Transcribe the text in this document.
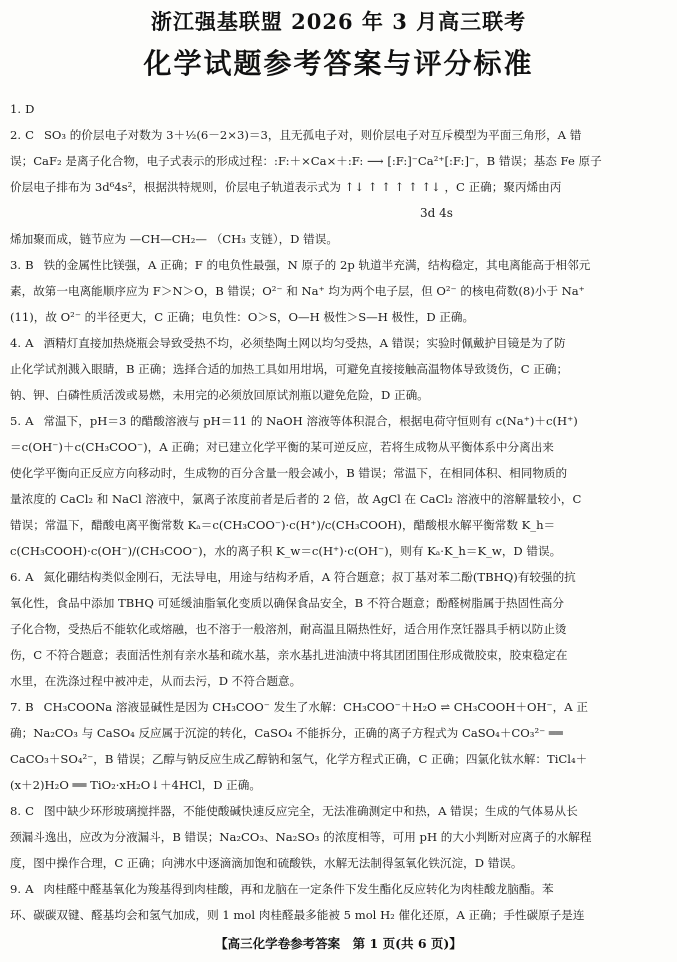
浙江强基联盟 2026 年 3 月高三联考
化学试题参考答案与评分标准
1. D
2. C SO₃ 的价层电子对数为 3＋½(6－2×3)＝3，且无孤电子对，则价层电子对互斥模型为平面三角形，A 错
误；CaF₂ 是离子化合物，电子式表示的形成过程：:F:＋×Ca×＋:F: ⟶ [:F:]⁻Ca²⁺[:F:]⁻，B 错误；基态 Fe 原子
价层电子排布为 3d⁶4s²，根据洪特规则，价层电子轨道表示式为 ↑↓ ↑ ↑ ↑ ↑ ↑↓ ，C 正确；聚丙烯由丙
3d 4s
烯加聚而成，链节应为 —CH—CH₂— （CH₃ 支链），D 错误。
3. B 铁的金属性比镁强，A 正确；F 的电负性最强，N 原子的 2p 轨道半充满，结构稳定，其电离能高于相邻元
素，故第一电离能顺序应为 F＞N＞O，B 错误；O²⁻ 和 Na⁺ 均为两个电子层，但 O²⁻ 的核电荷数(8)小于 Na⁺
(11)，故 O²⁻ 的半径更大，C 正确；电负性：O＞S，O—H 极性＞S—H 极性，D 正确。
4. A 酒精灯直接加热烧瓶会导致受热不均，必须垫陶土网以均匀受热，A 错误；实验时佩戴护目镜是为了防
止化学试剂溅入眼睛，B 正确；选择合适的加热工具如用坩埚，可避免直接接触高温物体导致烫伤，C 正确；
钠、钾、白磷性质活泼或易燃，未用完的必须放回原试剂瓶以避免危险，D 正确。
5. A 常温下，pH＝3 的醋酸溶液与 pH＝11 的 NaOH 溶液等体积混合，根据电荷守恒则有 c(Na⁺)＋c(H⁺)
＝c(OH⁻)＋c(CH₃COO⁻)，A 正确；对已建立化学平衡的某可逆反应，若将生成物从平衡体系中分离出来
使化学平衡向正反应方向移动时，生成物的百分含量一般会减小，B 错误；常温下，在相同体积、相同物质的
量浓度的 CaCl₂ 和 NaCl 溶液中，氯离子浓度前者是后者的 2 倍，故 AgCl 在 CaCl₂ 溶液中的溶解量较小，C
错误；常温下，醋酸电离平衡常数 Kₐ＝c(CH₃COO⁻)·c(H⁺)/c(CH₃COOH)，醋酸根水解平衡常数 K_h＝
c(CH₃COOH)·c(OH⁻)/(CH₃COO⁻)，水的离子积 K_w＝c(H⁺)·c(OH⁻)，则有 Kₐ·K_h＝K_w，D 错误。
6. A 氮化硼结构类似金刚石，无法导电，用途与结构矛盾，A 符合题意；叔丁基对苯二酚(TBHQ)有较强的抗
氧化性，食品中添加 TBHQ 可延缓油脂氧化变质以确保食品安全，B 不符合题意；酚醛树脂属于热固性高分
子化合物，受热后不能软化或熔融，也不溶于一般溶剂，耐高温且隔热性好，适合用作烹饪器具手柄以防止烫
伤，C 不符合题意；表面活性剂有亲水基和疏水基，亲水基扎进油渍中将其团团围住形成微胶束，胶束稳定在
水里，在洗涤过程中被冲走，从而去污，D 不符合题意。
7. B CH₃COONa 溶液显碱性是因为 CH₃COO⁻ 发生了水解：CH₃COO⁻＋H₂O ⇌ CH₃COOH＋OH⁻，A 正
确；Na₂CO₃ 与 CaSO₄ 反应属于沉淀的转化，CaSO₄ 不能拆分，正确的离子方程式为 CaSO₄＋CO₃²⁻ ══
CaCO₃＋SO₄²⁻，B 错误；乙醇与钠反应生成乙醇钠和氢气，化学方程式正确，C 正确；四氯化钛水解：TiCl₄＋
(x＋2)H₂O ══ TiO₂·xH₂O↓＋4HCl，D 正确。
8. C 图中缺少环形玻璃搅拌器，不能使酸碱快速反应完全，无法准确测定中和热，A 错误；生成的气体易从长
颈漏斗逸出，应改为分液漏斗，B 错误；Na₂CO₃、Na₂SO₃ 的浓度相等，可用 pH 的大小判断对应离子的水解程
度，图中操作合理，C 正确；向沸水中逐滴滴加饱和硫酸铁，水解无法制得氢氧化铁沉淀，D 错误。
9. A 肉桂醛中醛基氧化为羧基得到肉桂酸，再和龙脑在一定条件下发生酯化反应转化为肉桂酸龙脑酯。苯
环、碳碳双键、醛基均会和氢气加成，则 1 mol 肉桂醛最多能被 5 mol H₂ 催化还原，A 正确；手性碳原子是连
【高三化学卷参考答案　第 1 页(共 6 页)】
